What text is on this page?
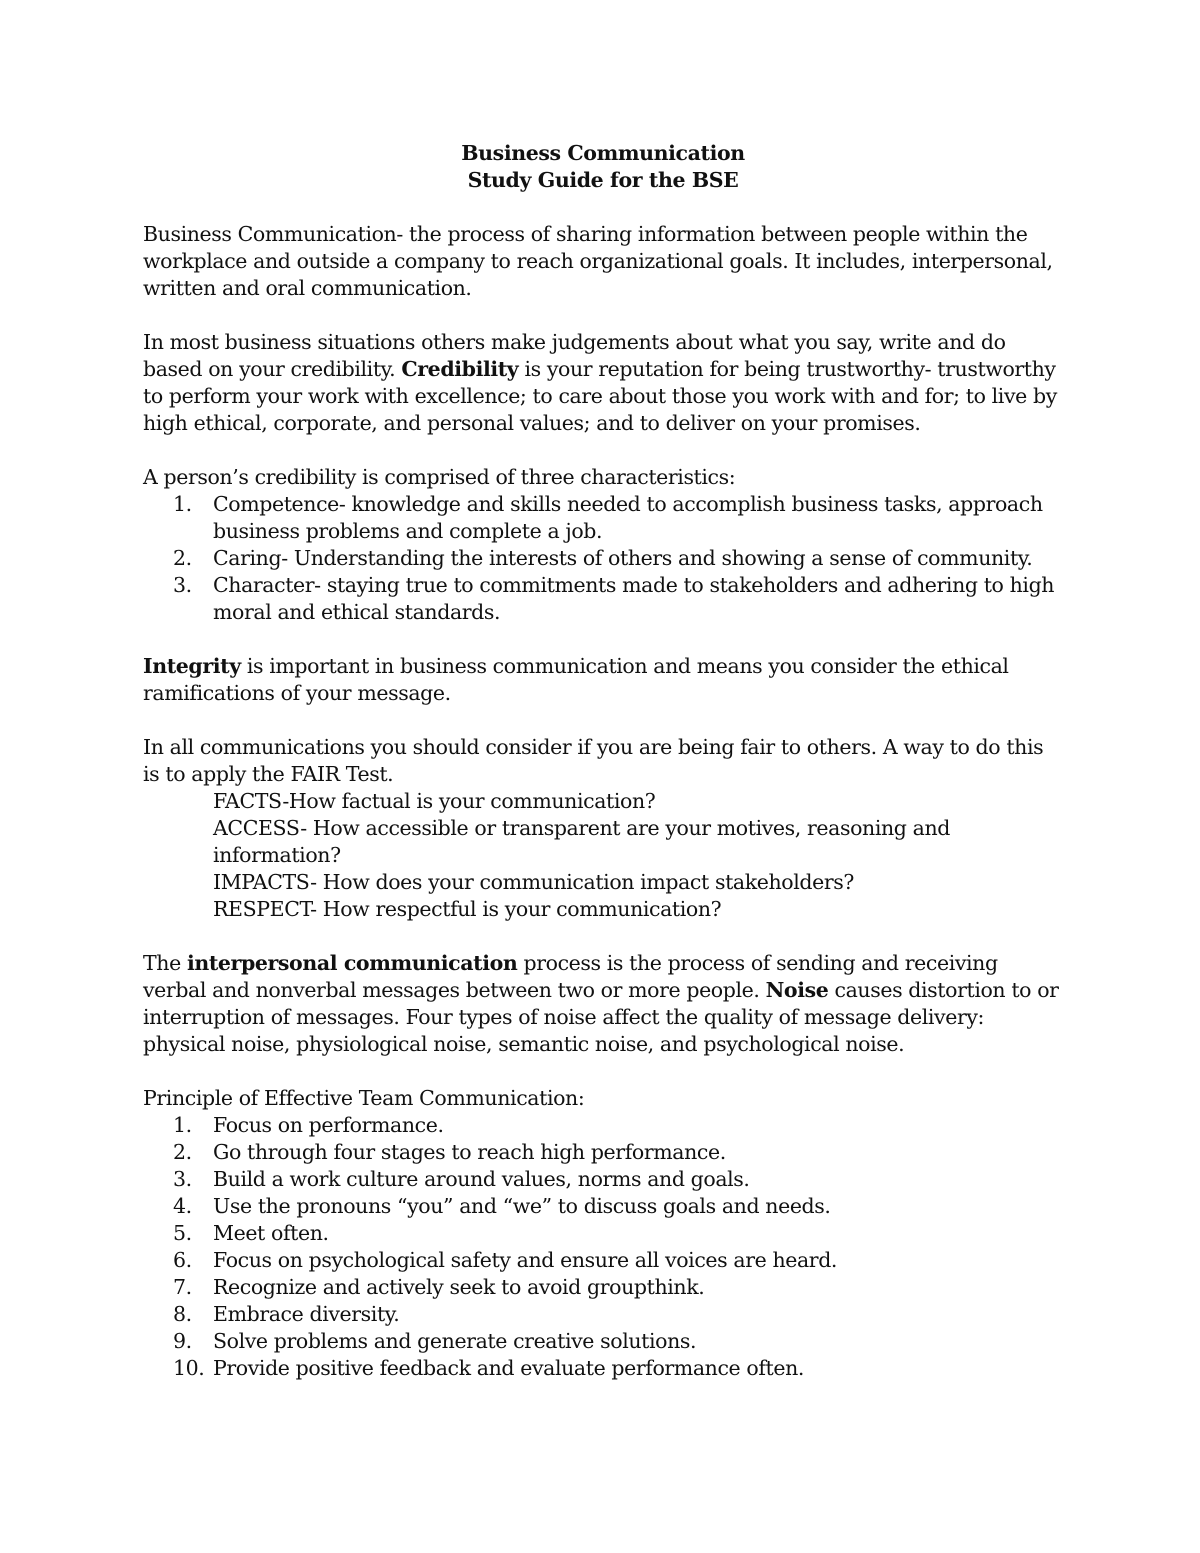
Business Communication
Study Guide for the BSE

Business Communication- the process of sharing information between people within the workplace and outside a company to reach organizational goals. It includes, interpersonal, written and oral communication.

In most business situations others make judgements about what you say, write and do based on your credibility. Credibility is your reputation for being trustworthy- trustworthy to perform your work with excellence; to care about those you work with and for; to live by high ethical, corporate, and personal values; and to deliver on your promises.

A person’s credibility is comprised of three characteristics:

1.	Competence- knowledge and skills needed to accomplish business tasks, approach business problems and complete a job.
2.	Caring- Understanding the interests of others and showing a sense of community.
3.	Character- staying true to commitments made to stakeholders and adhering to high moral and ethical standards.

Integrity is important in business communication and means you consider the ethical ramifications of your message.

In all communications you should consider if you are being fair to others. A way to do this is to apply the FAIR Test.

FACTS-How factual is your communication?
ACCESS- How accessible or transparent are your motives, reasoning and information?
IMPACTS- How does your communication impact stakeholders?
RESPECT- How respectful is your communication?

The interpersonal communication process is the process of sending and receiving verbal and nonverbal messages between two or more people. Noise causes distortion to or interruption of messages. Four types of noise affect the quality of message delivery: physical noise, physiological noise, semantic noise, and psychological noise.

Principle of Effective Team Communication:

1.	Focus on performance.
2.	Go through four stages to reach high performance.
3.	Build a work culture around values, norms and goals.
4.	Use the pronouns “you” and “we” to discuss goals and needs.
5.	Meet often.
6.	Focus on psychological safety and ensure all voices are heard.
7.	Recognize and actively seek to avoid groupthink.
8.	Embrace diversity.
9.	Solve problems and generate creative solutions.
10. Provide positive feedback and evaluate performance often.
